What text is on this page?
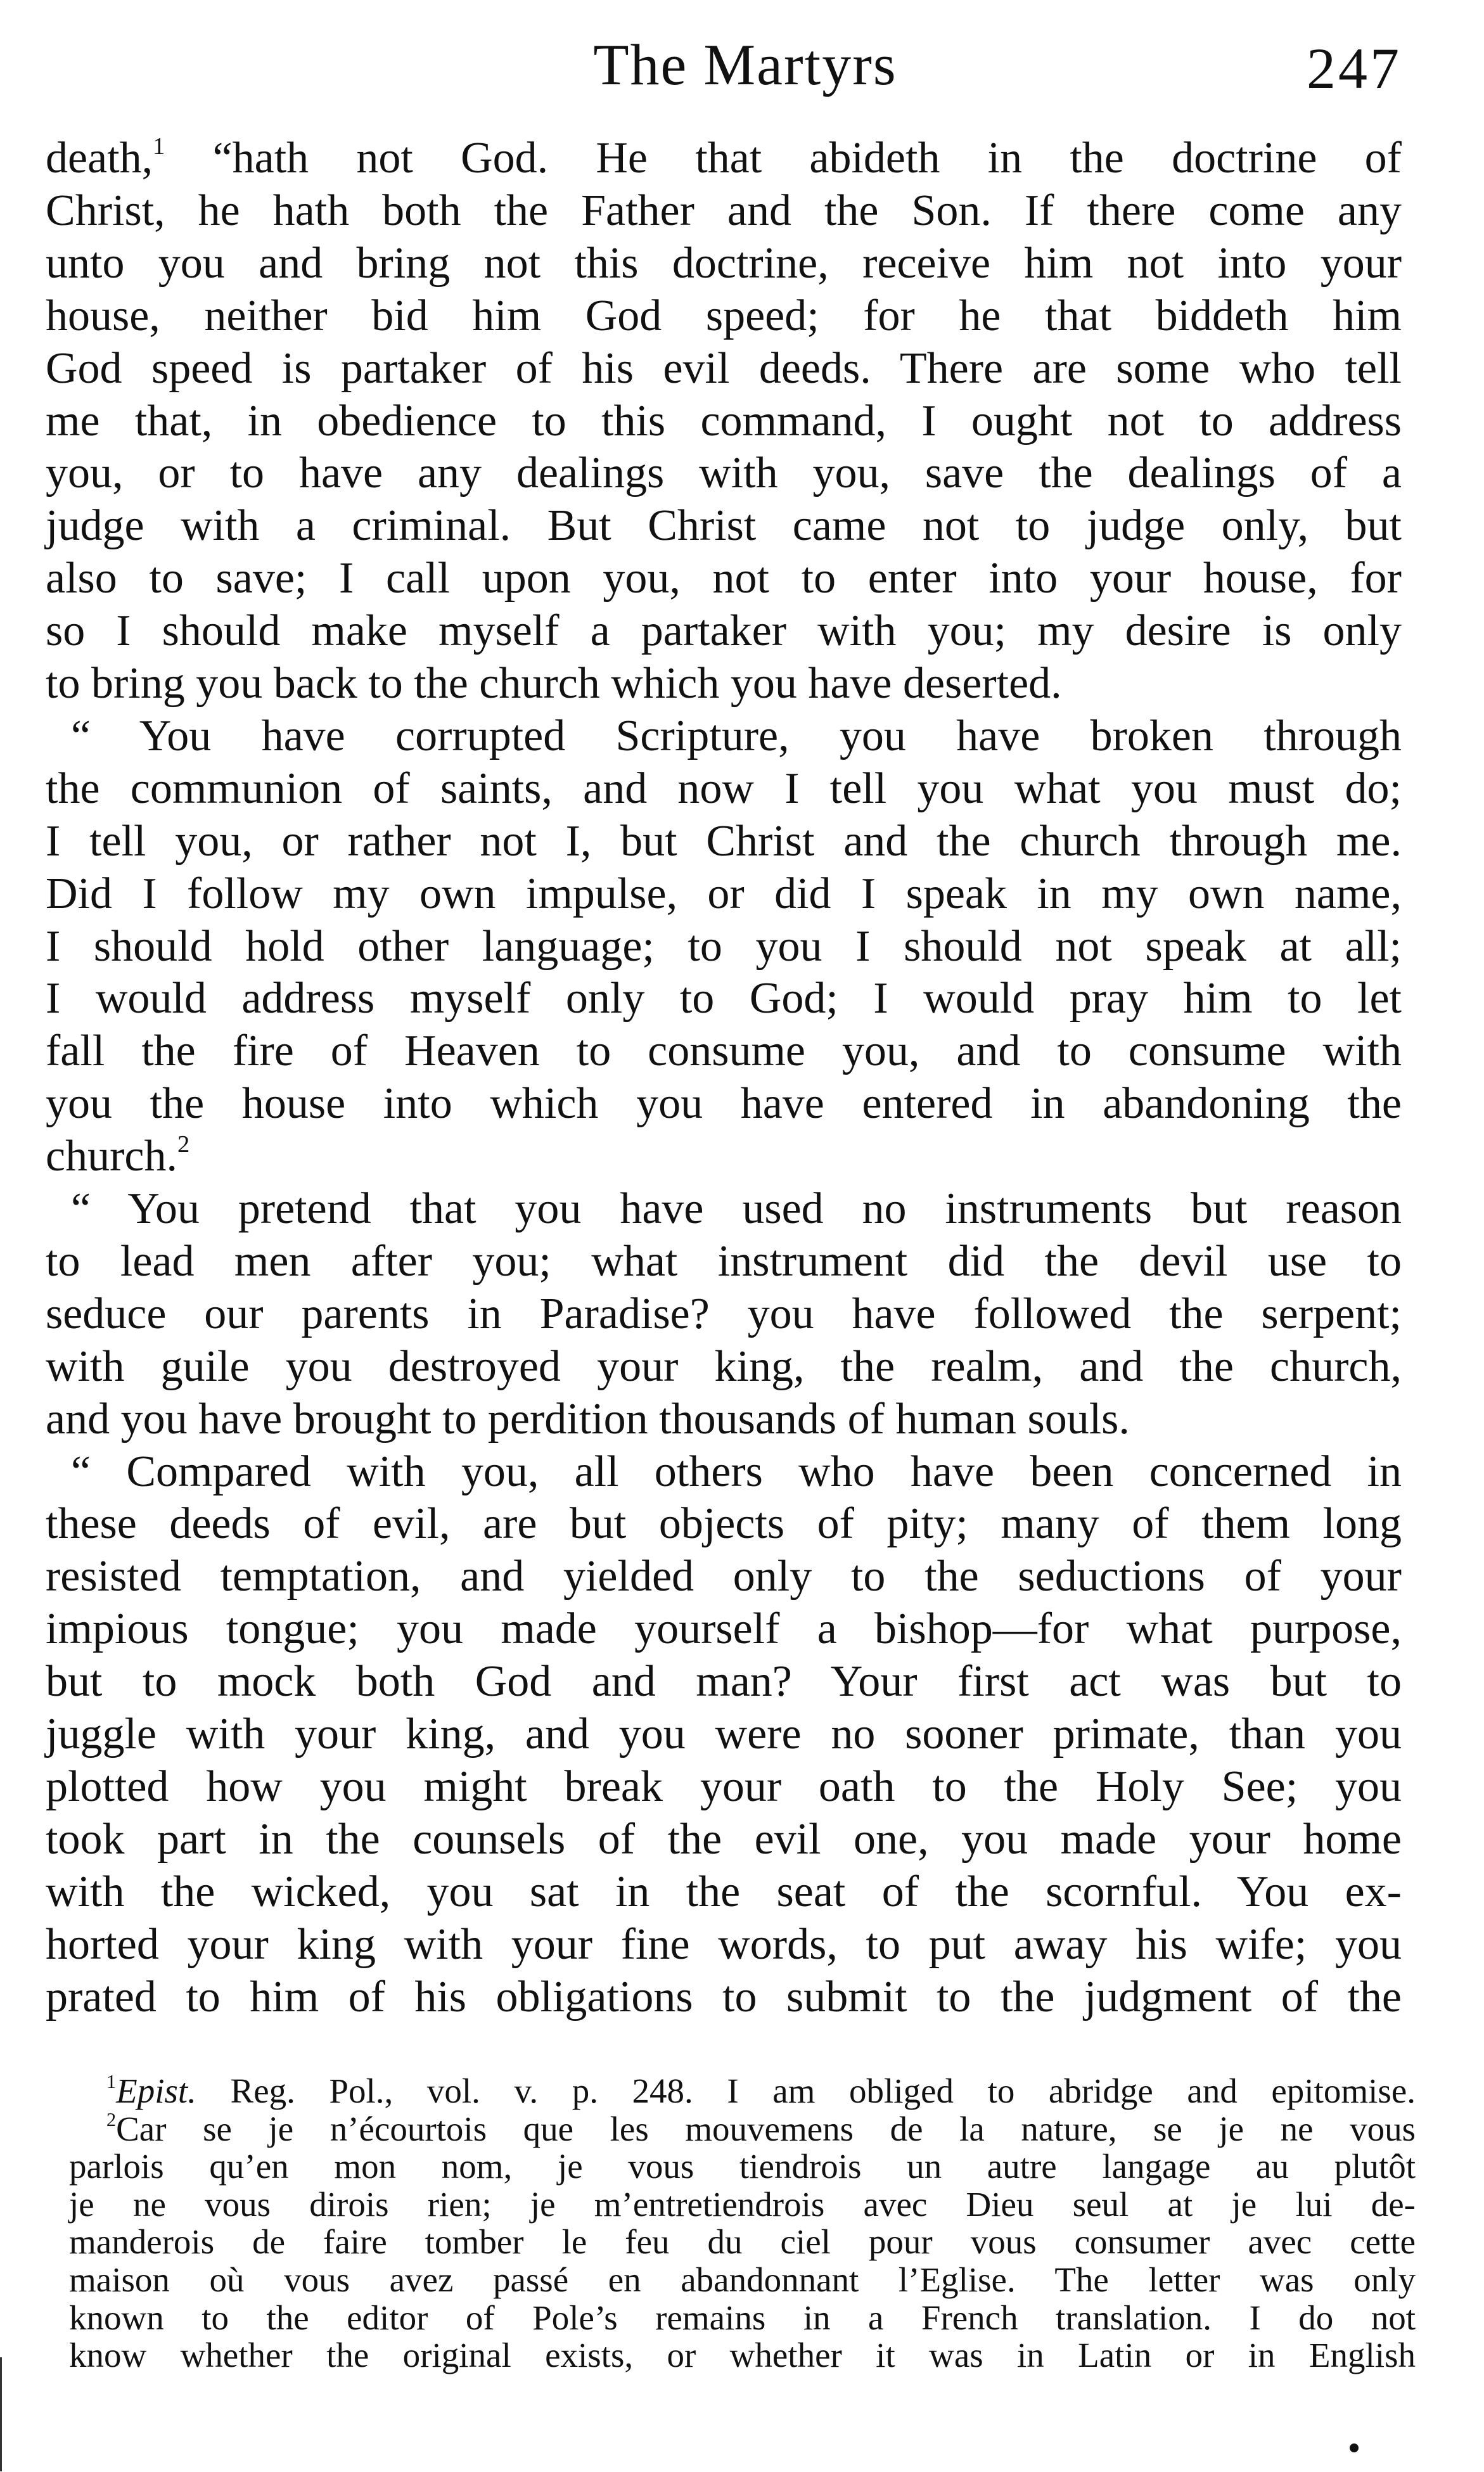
The Martyrs	247
death,$^1$ “hath not God. He that abideth in the doctrine of
Christ, he hath both the Father and the Son. If there come any
unto you and bring not this doctrine, receive him not into your
house, neither bid him God speed; for he that biddeth him
God speed is partaker of his evil deeds. There are some who tell
me that, in obedience to this command, I ought not to address
you, or to have any dealings with you, save the dealings of a
judge with a criminal. But Christ came not to judge only, but
also to save; I call upon you, not to enter into your house, for
so I should make myself a partaker with you; my desire is only
to bring you back to the church which you have deserted.
“ You have corrupted Scripture, you have broken through
the communion of saints, and now I tell you what you must do;
I tell you, or rather not I, but Christ and the church through me.
Did I follow my own impulse, or did I speak in my own name,
I should hold other language; to you I should not speak at all;
I would address myself only to God; I would pray him to let
fall the fire of Heaven to consume you, and to consume with
you the house into which you have entered in abandoning the
church.$^2$
“ You pretend that you have used no instruments but reason
to lead men after you; what instrument did the devil use to
seduce our parents in Paradise? you have followed the serpent;
with guile you destroyed your king, the realm, and the church,
and you have brought to perdition thousands of human souls.
“ Compared with you, all others who have been concerned in
these deeds of evil, are but objects of pity; many of them long
resisted temptation, and yielded only to the seductions of your
impious tongue; you made yourself a bishop—for what purpose,
but to mock both God and man? Your first act was but to
juggle with your king, and you were no sooner primate, than you
plotted how you might break your oath to the Holy See; you
took part in the counsels of the evil one, you made your home
with the wicked, you sat in the seat of the scornful. You ex-
horted your king with your fine words, to put away his wife; you
prated to him of his obligations to submit to the judgment of the
$^1$Epist. Reg. Pol., vol. v. p. 248. I am obliged to abridge and epitomise.
$^2$Car se je n’écourtois que les mouvemens de la nature, se je ne vous
parlois qu’en mon nom, je vous tiendrois un autre langage au plutôt
je ne vous dirois rien; je m’entretiendrois avec Dieu seul at je lui de-
manderois de faire tomber le feu du ciel pour vous consumer avec cette
maison où vous avez passé en abandonnant l’Eglise. The letter was only
known to the editor of Pole’s remains in a French translation. I do not
know whether the original exists, or whether it was in Latin or in English
